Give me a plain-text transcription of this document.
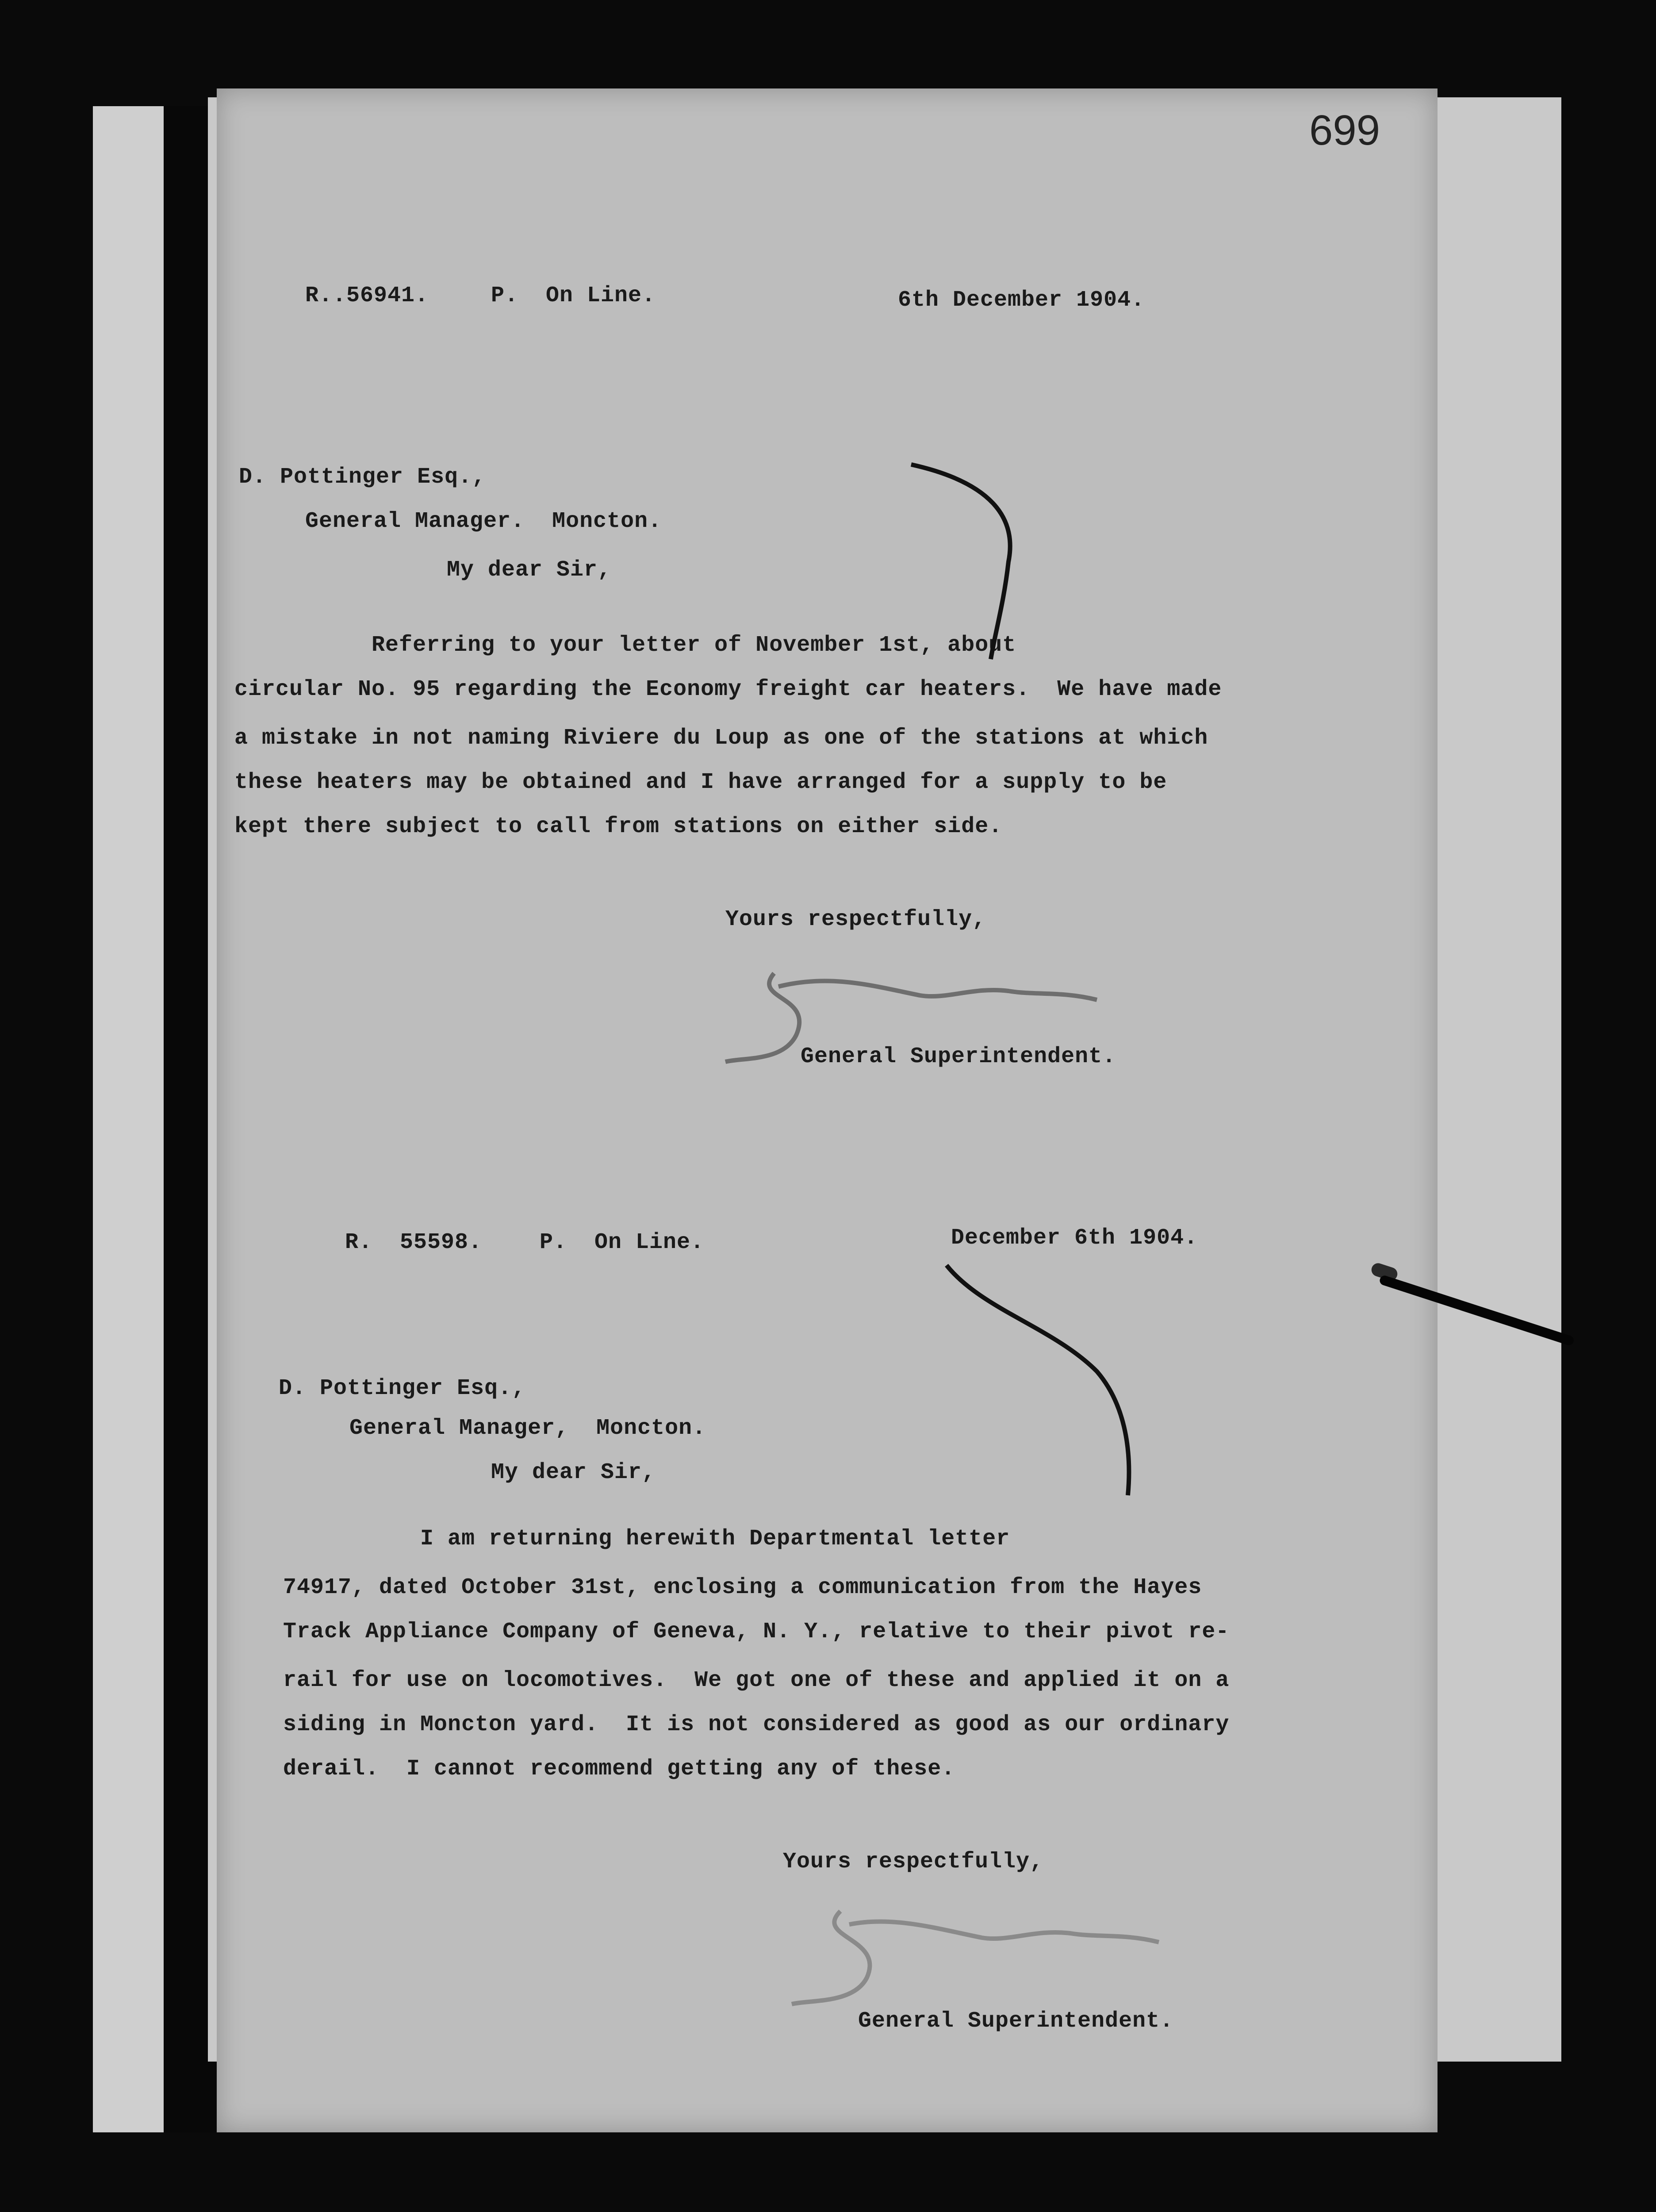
699
R..56941.	P.  On Line.	6th December 1904.
D. Pottinger Esq.,
General Manager.  Moncton.
My dear Sir,
Referring to your letter of November 1st, about
circular No. 95 regarding the Economy freight car heaters.  We have made
a mistake in not naming Riviere du Loup as one of the stations at which
these heaters may be obtained and I have arranged for a supply to be
kept there subject to call from stations on either side.
Yours respectfully,
General Superintendent.
R.  55598.	P.  On Line.	December 6th 1904.
D. Pottinger Esq.,
General Manager,  Moncton.
My dear Sir,
I am returning herewith Departmental letter
74917, dated October 31st, enclosing a communication from the Hayes
Track Appliance Company of Geneva, N. Y., relative to their pivot re-
rail for use on locomotives.  We got one of these and applied it on a
siding in Moncton yard.  It is not considered as good as our ordinary
derail.  I cannot recommend getting any of these.
Yours respectfully,
General Superintendent.
